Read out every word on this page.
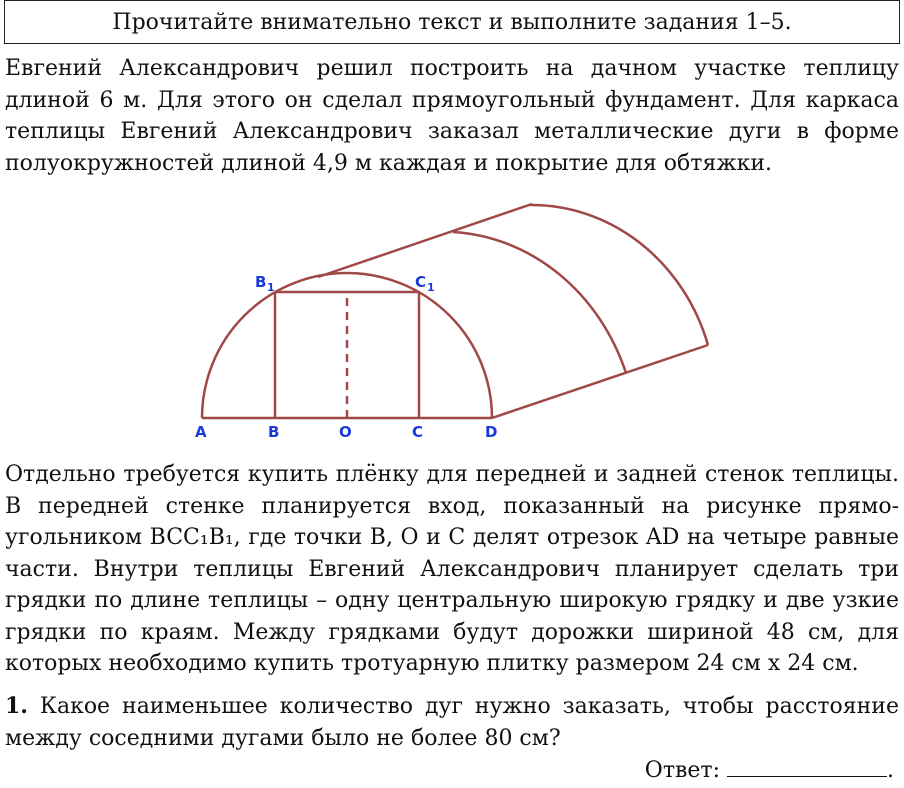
Прочитайте внимательно текст и выполните задания 1–5.
Евгений Александрович решил построить на дачном участке теплицу длиной 6 м. Для этого он сделал прямоугольный фундамент. Для каркаса теплицы Евгений Александрович заказал металлические дуги в форме полуокружностей длиной 4,9 м каждая и покрытие для обтяжки.
A	B	O	C	D
B 1	C 1
Отдельно требуется купить плёнку для передней и задней стенок теплицы. В передней стенке планируется вход, показанный на рисунке прямоугольником BCC₁B₁, где точки B, O и C делят отрезок AD на четыре равные части. Внутри теплицы Евгений Александрович планирует сделать три грядки по длине теплицы – одну центральную широкую грядку и две узкие грядки по краям. Между грядками будут дорожки шириной 48 см, для которых необходимо купить тротуарную плитку размером 24 см х 24 см.
1. Какое наименьшее количество дуг нужно заказать, чтобы расстояние между соседними дугами было не более 80 см?
Ответ:	.
